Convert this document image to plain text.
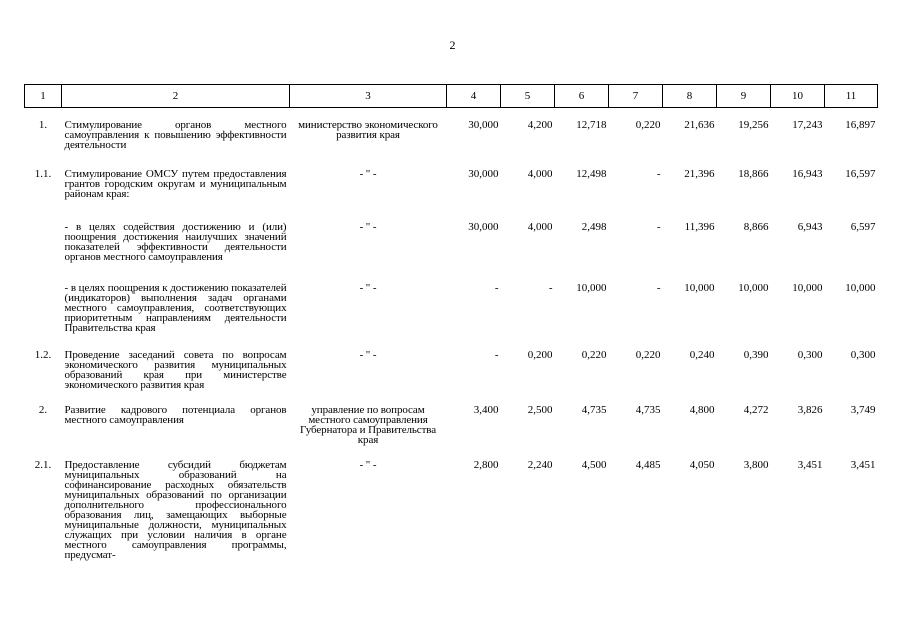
2
1	2	3	4	5	6	7	8	9	10	11
1.	Стимулирование органов местного самоуправления к повышению эффективности деятельности	министерство экономического развития края	30,000	4,200	12,718	0,220	21,636	19,256	17,243	16,897
1.1.	Стимулирование ОМСУ путем предоставления грантов городским округам и муниципальным районам края:	- " -	30,000	4,000	12,498	-	21,396	18,866	16,943	16,597
	- в целях содействия достижению и (или) поощрения достижения наилучших значений показателей эффективности деятельности органов местного самоуправления	- " -	30,000	4,000	2,498	-	11,396	8,866	6,943	6,597
	- в целях поощрения к достижению показателей (индикаторов) выполнения задач органами местного самоуправления, соответствующих приоритетным направлениям деятельности Правительства края	- " -	-	-	10,000	-	10,000	10,000	10,000	10,000
1.2.	Проведение заседаний совета по вопросам экономического развития муниципальных образований края при министерстве экономического развития края	- " -	-	0,200	0,220	0,220	0,240	0,390	0,300	0,300
2.	Развитие кадрового потенциала органов местного самоуправления	управление по вопросам местного самоуправления Губернатора и Правительства края	3,400	2,500	4,735	4,735	4,800	4,272	3,826	3,749
2.1.	Предоставление субсидий бюджетам муниципальных образований на софинансирование расходных обязательств муниципальных образований по организации дополнительного профессионального образования лиц, замещающих выборные муниципальные должности, муниципальных служащих при условии наличия в органе местного самоуправления программы, предусмат-	- " -	2,800	2,240	4,500	4,485	4,050	3,800	3,451	3,451
